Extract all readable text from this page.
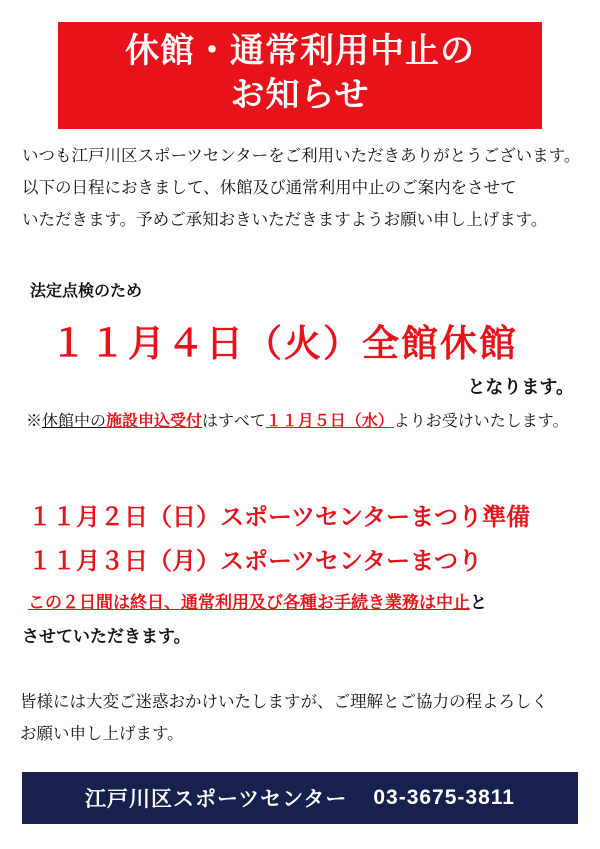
休館・通常利用中止の
お知らせ
いつも江戸川区スポーツセンターをご利用いただきありがとうございます。
以下の日程におきまして、休館及び通常利用中止のご案内をさせて
いただきます。予めご承知おきいただきますようお願い申し上げます。
法定点検のため
１１月４日（火）全館休館
となります。
※休館中の施設申込受付はすべて１１月５日（水）よりお受けいたします。
１１月２日（日）スポーツセンターまつり準備
１１月３日（月）スポーツセンターまつり
この２日間は終日、通常利用及び各種お手続き業務は中止と
させていただきます。
皆様には大変ご迷惑おかけいたしますが、ご理解とご協力の程よろしく
お願い申し上げます。
江戸川区スポーツセンター 03-3675-3811
